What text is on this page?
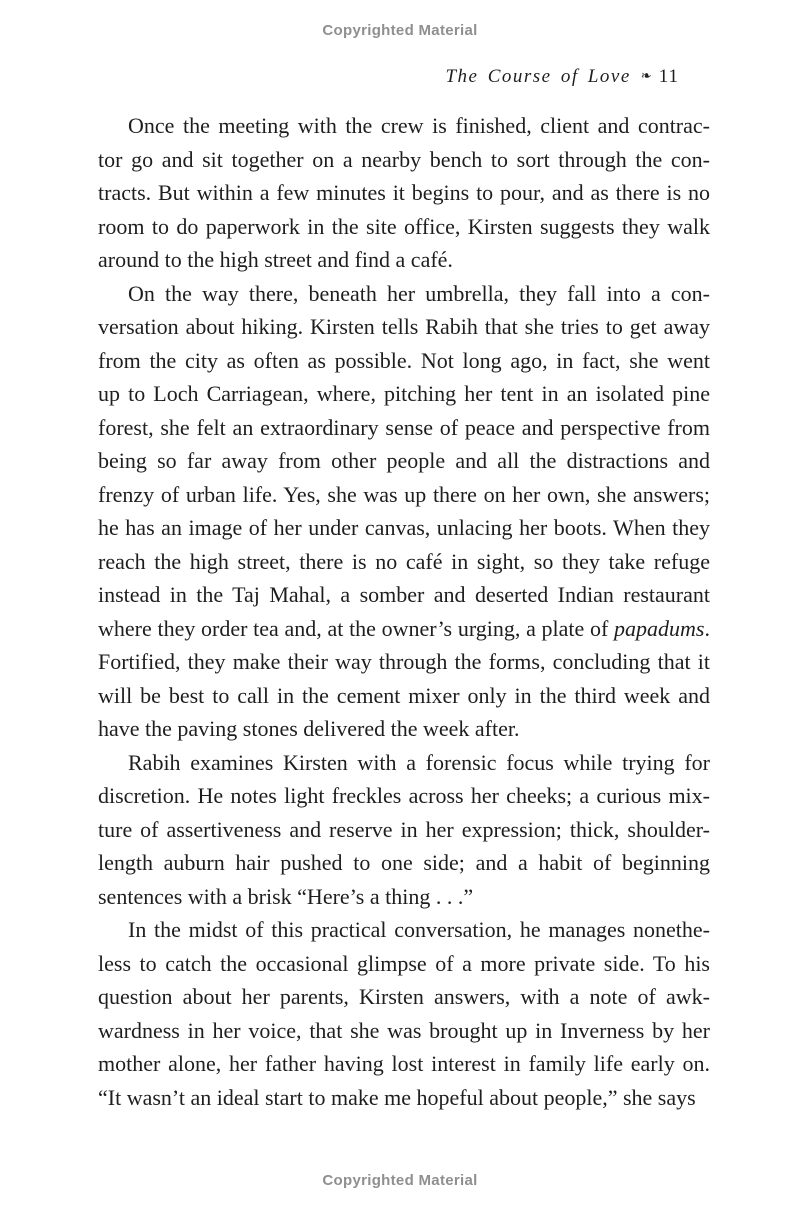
Copyrighted Material
The Course of Love ❧ 11
Once the meeting with the crew is finished, client and contrac-
tor go and sit together on a nearby bench to sort through the con-
tracts. But within a few minutes it begins to pour, and as there is no
room to do paperwork in the site office, Kirsten suggests they walk
around to the high street and find a café.
On the way there, beneath her umbrella, they fall into a con-
versation about hiking. Kirsten tells Rabih that she tries to get away
from the city as often as possible. Not long ago, in fact, she went
up to Loch Carriagean, where, pitching her tent in an isolated pine
forest, she felt an extraordinary sense of peace and perspective from
being so far away from other people and all the distractions and
frenzy of urban life. Yes, she was up there on her own, she answers;
he has an image of her under canvas, unlacing her boots. When they
reach the high street, there is no café in sight, so they take refuge
instead in the Taj Mahal, a somber and deserted Indian restaurant
where they order tea and, at the owner’s urging, a plate of papadums.
Fortified, they make their way through the forms, concluding that it
will be best to call in the cement mixer only in the third week and
have the paving stones delivered the week after.
Rabih examines Kirsten with a forensic focus while trying for
discretion. He notes light freckles across her cheeks; a curious mix-
ture of assertiveness and reserve in her expression; thick, shoulder-
length auburn hair pushed to one side; and a habit of beginning
sentences with a brisk “Here’s a thing . . .”
In the midst of this practical conversation, he manages nonethe-
less to catch the occasional glimpse of a more private side. To his
question about her parents, Kirsten answers, with a note of awk-
wardness in her voice, that she was brought up in Inverness by her
mother alone, her father having lost interest in family life early on.
“It wasn’t an ideal start to make me hopeful about people,” she says
Copyrighted Material
